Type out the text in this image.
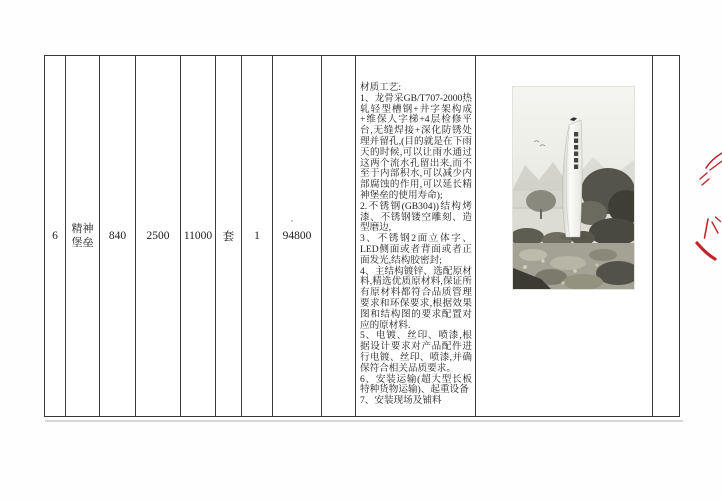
6
精神堡垒
840 2500 11000 套 1 94800

材质工艺:

1、龙骨采GB/T707-2000热轧轻型槽钢+井字架构成+维保人字梯+4层检修平台,无缝焊接+深化防锈处理并留孔,(目的就是在下雨天的时候,可以让雨水通过这两个流水孔留出来,而不至于内部积水,可以减少内部腐蚀的作用,可以延长精神堡垒的使用寿命);

2.不锈钢(GB304))结构烤漆、不锈钢镂空雕刻、造型磨边,

3、不锈钢2面立体字、LED侧面或者背面或者正面发光,结构胶密封;

4、主结构镀锌、选配原材料,精选优质原材料,保证所有原材料都符合品质管理要求和环保要求,根据效果图和结构图的要求配置对应的原材料.

5、电镀、丝印、喷漆,根据设计要求对产品配件进行电镀、丝印、喷漆,并确保符合相关品质要求。

6、安装运输(超大型长板特种货物运输)、起重设备

7、安装现场及铺料
